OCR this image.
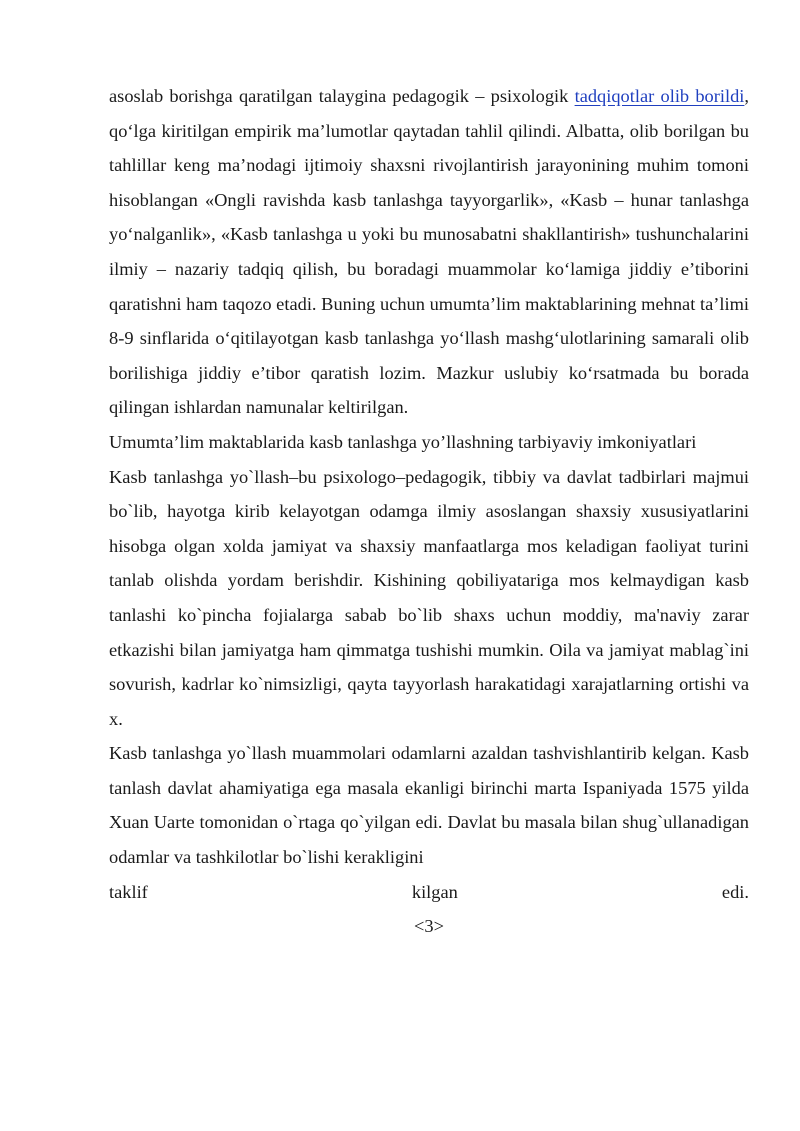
asoslab borishga qaratilgan talaygina pedagogik – psixologik tadqiqotlar olib borildi, qo‘lga kiritilgan empirik ma’lumotlar qaytadan tahlil qilindi. Albatta, olib borilgan bu tahlillar keng ma’nodagi ijtimoiy shaxsni rivojlantirish jarayonining muhim tomoni hisoblangan «Ongli ravishda kasb tanlashga tayyorgarlik», «Kasb – hunar tanlashga yo‘nalganlik», «Kasb tanlashga u yoki bu munosabatni shakllantirish» tushunchalarini ilmiy – nazariy tadqiq qilish, bu boradagi muammolar ko‘lamiga jiddiy e’tiborini qaratishni ham taqozo etadi. Buning uchun umumta’lim maktablarining mehnat ta’limi 8-9 sinflarida o‘qitilayotgan kasb tanlashga yo‘llash mashg‘ulotlarining samarali olib borilishiga jiddiy e’tibor qaratish lozim. Mazkur uslubiy ko‘rsatmada bu borada qilingan ishlardan namunalar keltirilgan.

Umumta’lim maktablarida kasb tanlashga yo’llashning tarbiyaviy imkoniyatlari

Kasb tanlashga yo`llash–bu psixologo–pedagogik, tibbiy va davlat tadbirlari majmui bo`lib, hayotga kirib kelayotgan odamga ilmiy asoslangan shaxsiy xususiyatlarini hisobga olgan xolda jamiyat va shaxsiy manfaatlarga mos keladigan faoliyat turini tanlab olishda yordam berishdir. Kishining qobiliyatariga mos kelmaydigan kasb tanlashi ko`pincha fojialarga sabab bo`lib shaxs uchun moddiy, ma'naviy zarar etkazishi bilan jamiyatga ham qimmatga tushishi mumkin. Oila va jamiyat mablag`ini sovurish, kadrlar ko`nimsizligi, qayta tayyorlash harakatidagi xarajatlarning ortishi va x.

Kasb tanlashga yo`llash muammolari odamlarni azaldan tashvishlantirib kelgan. Kasb tanlash davlat ahamiyatiga ega masala ekanligi birinchi marta Ispaniyada 1575 yilda Xuan Uarte tomonidan o`rtaga qo`yilgan edi. Davlat bu masala bilan shug`ullanadigan odamlar va tashkilotlar bo`lishi kerakligini

taklif	kilgan	edi.

<3>
